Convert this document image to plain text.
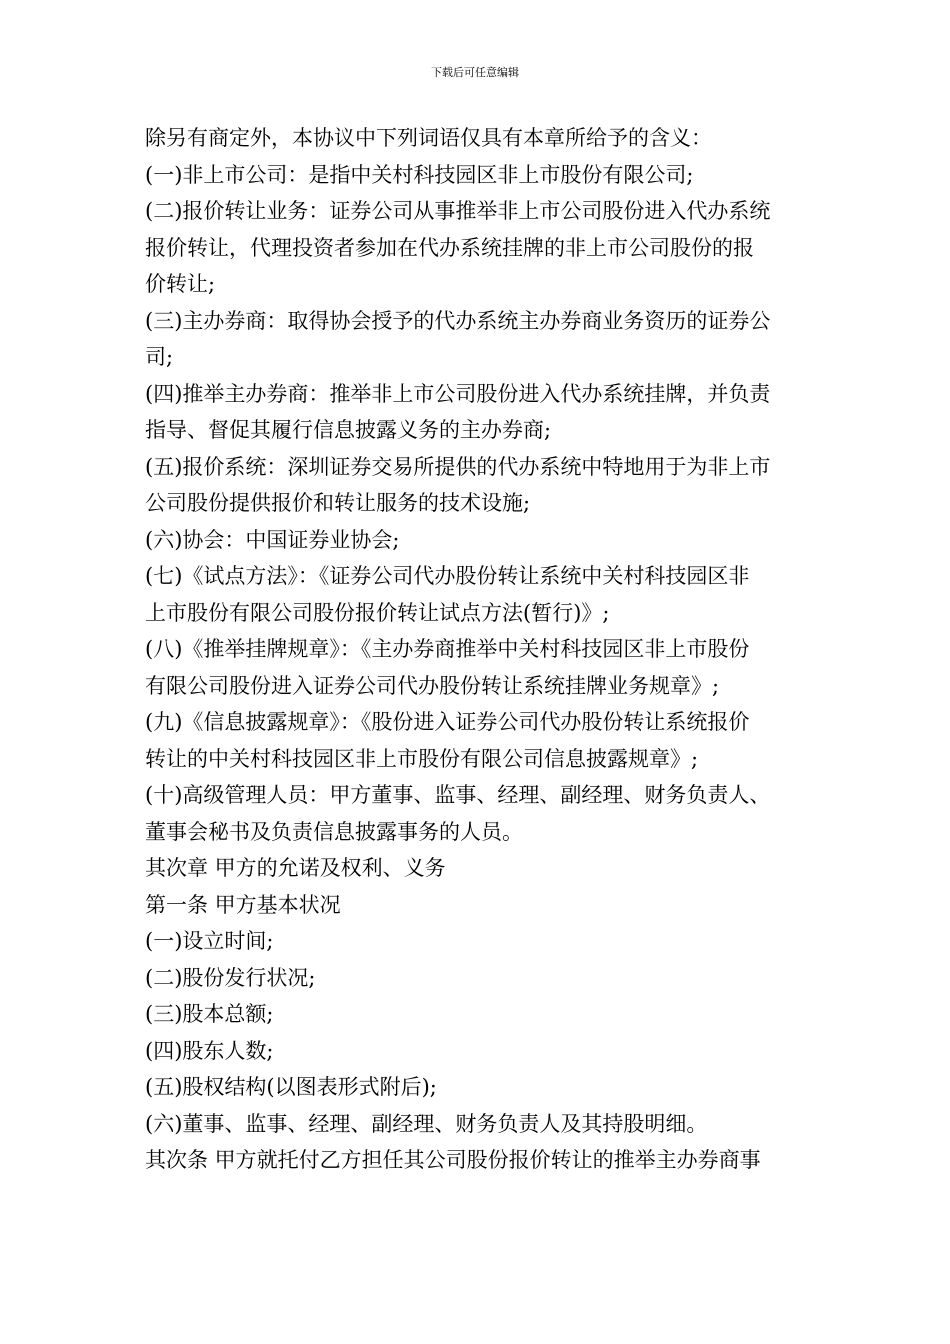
下载后可任意编辑
除另有商定外，本协议中下列词语仅具有本章所给予的含义：
(一)非上市公司：是指中关村科技园区非上市股份有限公司;
(二)报价转让业务：证券公司从事推举非上市公司股份进入代办系统
报价转让，代理投资者参加在代办系统挂牌的非上市公司股份的报
价转让;
(三)主办券商：取得协会授予的代办系统主办券商业务资历的证券公
司;
(四)推举主办券商：推举非上市公司股份进入代办系统挂牌，并负责
指导、督促其履行信息披露义务的主办券商;
(五)报价系统：深圳证券交易所提供的代办系统中特地用于为非上市
公司股份提供报价和转让服务的技术设施;
(六)协会：中国证券业协会;
(七)《试点方法》：《证券公司代办股份转让系统中关村科技园区非
上市股份有限公司股份报价转让试点方法(暂行)》;
(八)《推举挂牌规章》：《主办券商推举中关村科技园区非上市股份
有限公司股份进入证券公司代办股份转让系统挂牌业务规章》;
(九)《信息披露规章》：《股份进入证券公司代办股份转让系统报价
转让的中关村科技园区非上市股份有限公司信息披露规章》;
(十)高级管理人员：甲方董事、监事、经理、副经理、财务负责人、
董事会秘书及负责信息披露事务的人员。
其次章 甲方的允诺及权利、义务
第一条 甲方基本状况
(一)设立时间;
(二)股份发行状况;
(三)股本总额;
(四)股东人数;
(五)股权结构(以图表形式附后);
(六)董事、监事、经理、副经理、财务负责人及其持股明细。
其次条 甲方就托付乙方担任其公司股份报价转让的推举主办券商事
